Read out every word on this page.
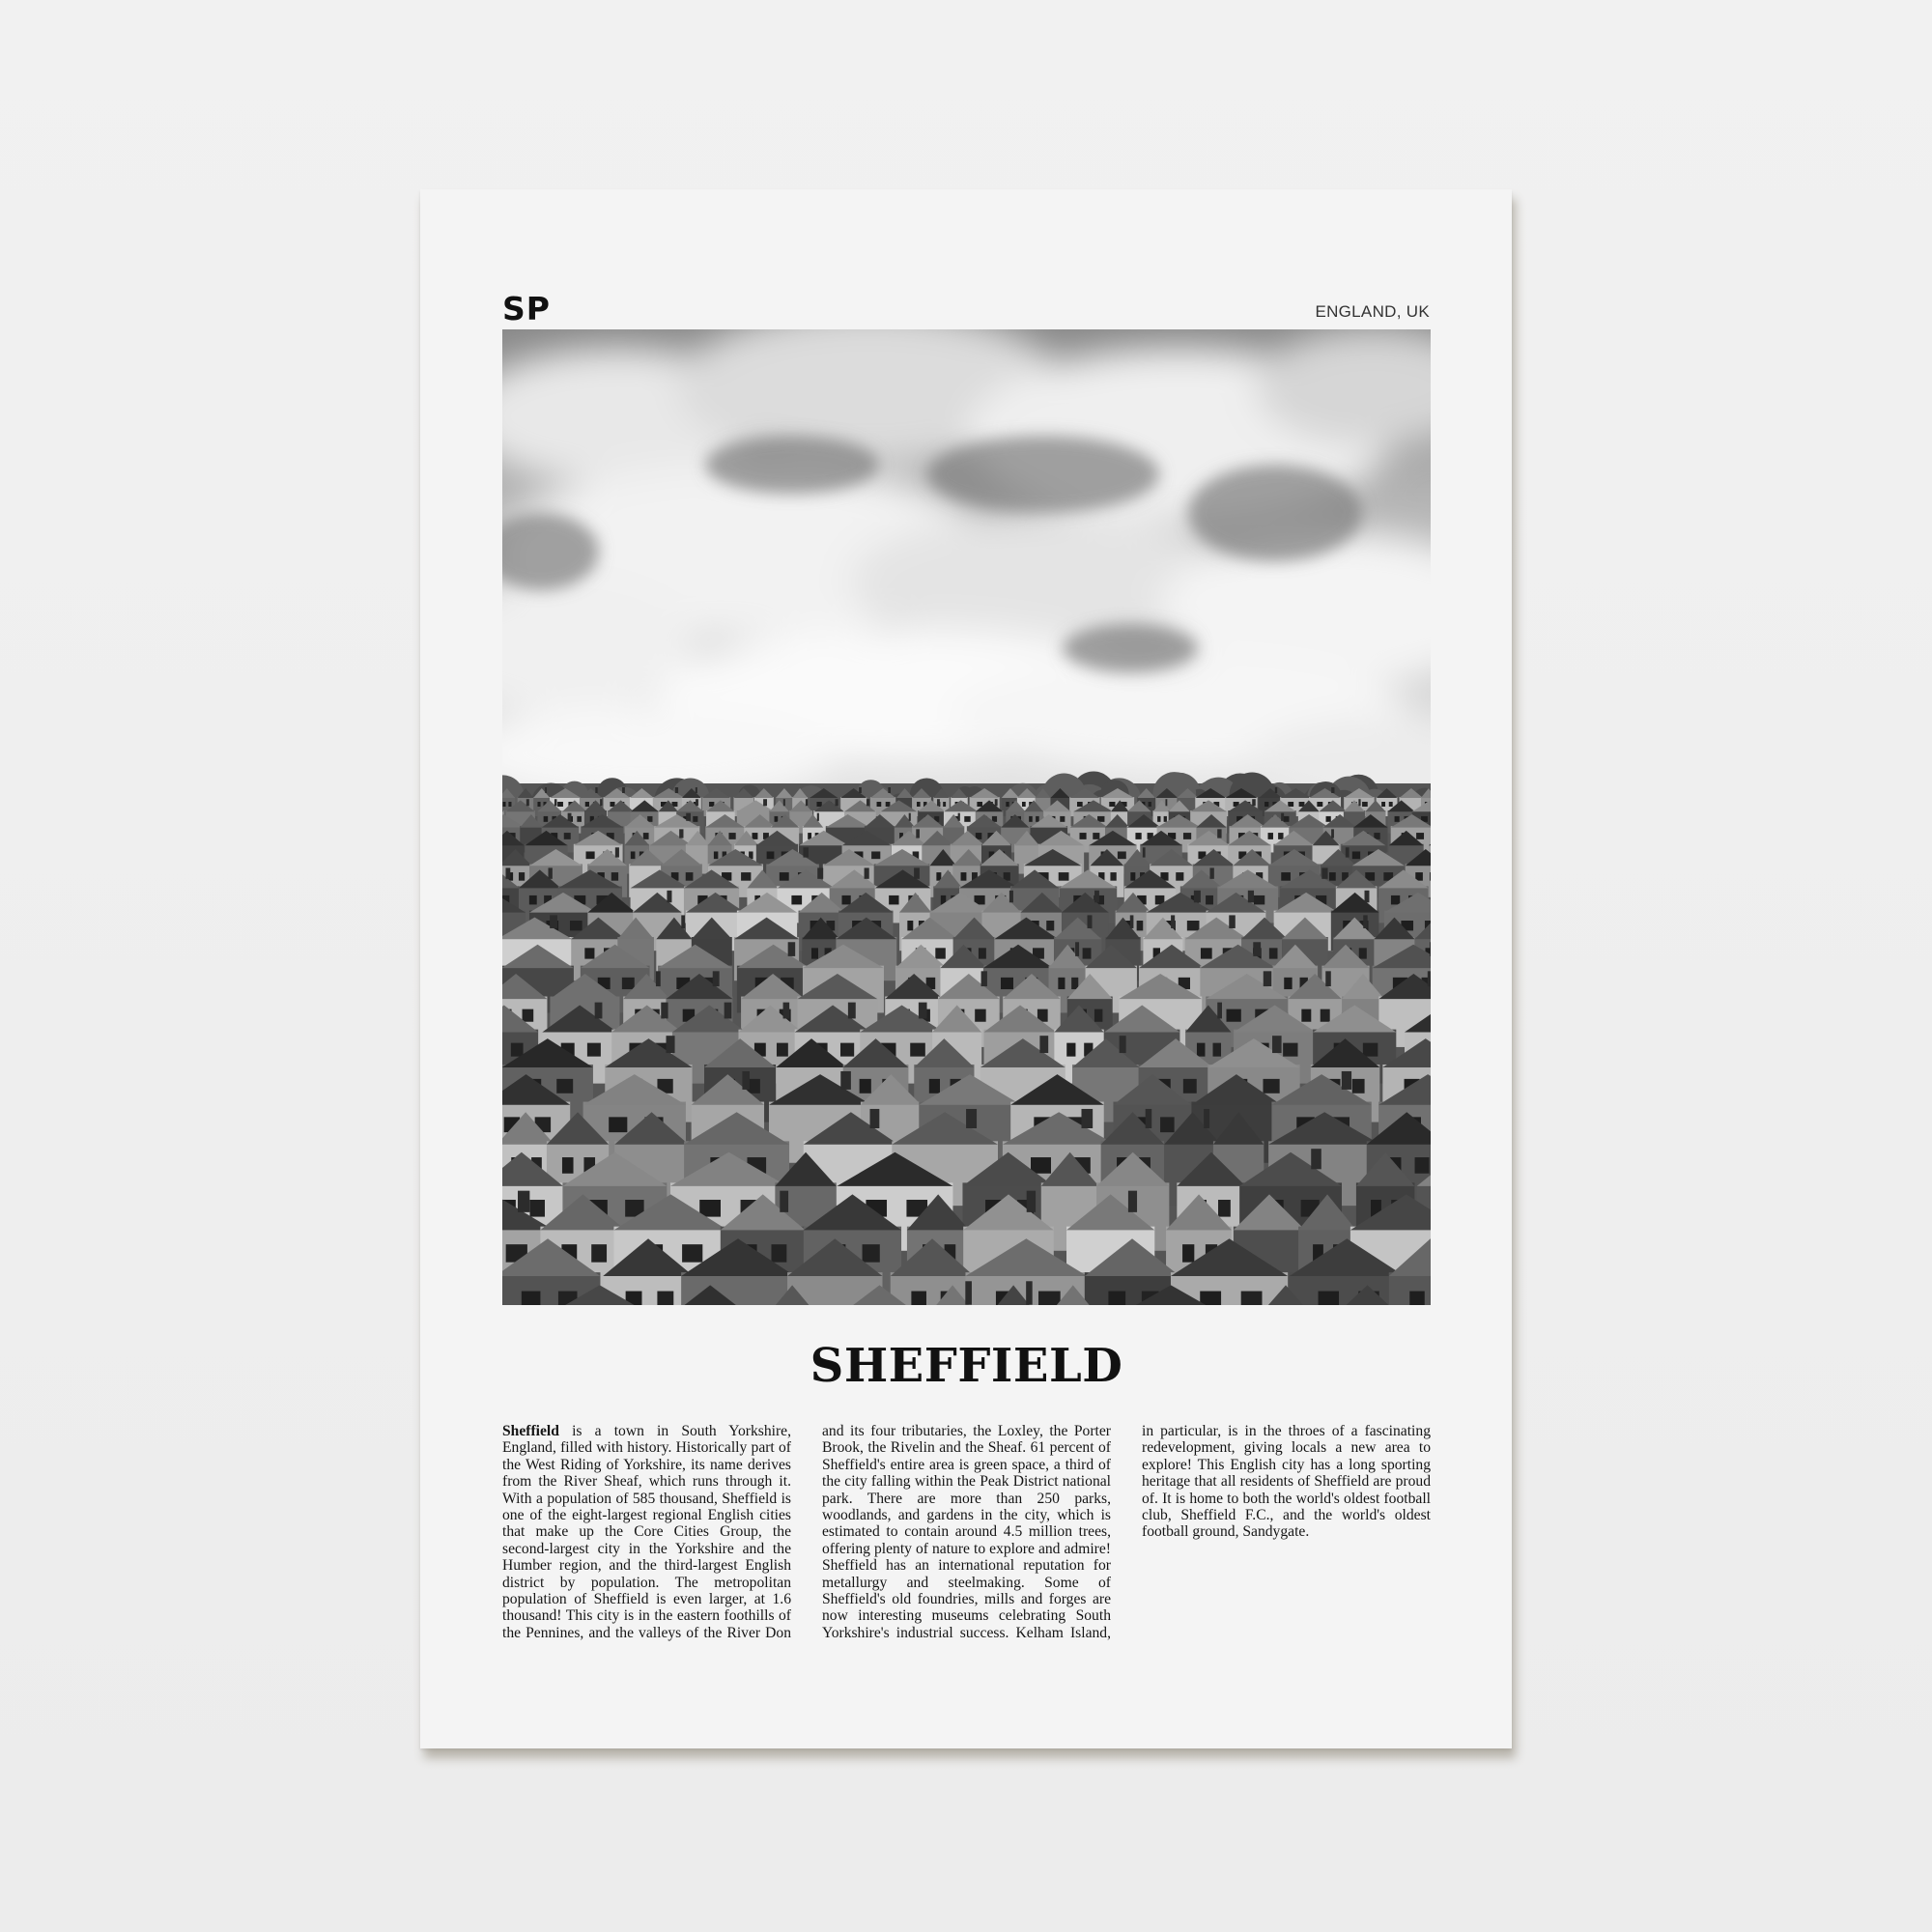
SP	ENGLAND, UK
SHEFFIELD
Sheffield is a town in South Yorkshire, England, filled with history. Historically part of the West Riding of Yorkshire, its name derives from the River Sheaf, which runs through it. With a population of 585 thousand, Sheffield is one of the eight-largest regional English cities that make up the Core Cities Group, the second-largest city in the Yorkshire and the Humber region, and the third-largest English district by population. The metropolitan population of Sheffield is even larger, at 1.6 thousand! This city is in the eastern foothills of the Pennines, and the valleys of the River Don and its four tributaries, the Loxley, the Porter Brook, the Rivelin and the Sheaf. 61 percent of Sheffield's entire area is green space, a third of the city falling within the Peak District national park. There are more than 250 parks, woodlands, and gardens in the city, which is estimated to contain around 4.5 million trees, offering plenty of nature to explore and admire! Sheffield has an international reputation for metallurgy and steelmaking. Some of Sheffield's old foundries, mills and forges are now interesting museums celebrating South Yorkshire's industrial success. Kelham Island, in particular, is in the throes of a fascinating redevelopment, giving locals a new area to explore! This English city has a long sporting heritage that all residents of Sheffield are proud of. It is home to both the world's oldest football club, Sheffield F.C., and the world's oldest football ground, Sandygate.
